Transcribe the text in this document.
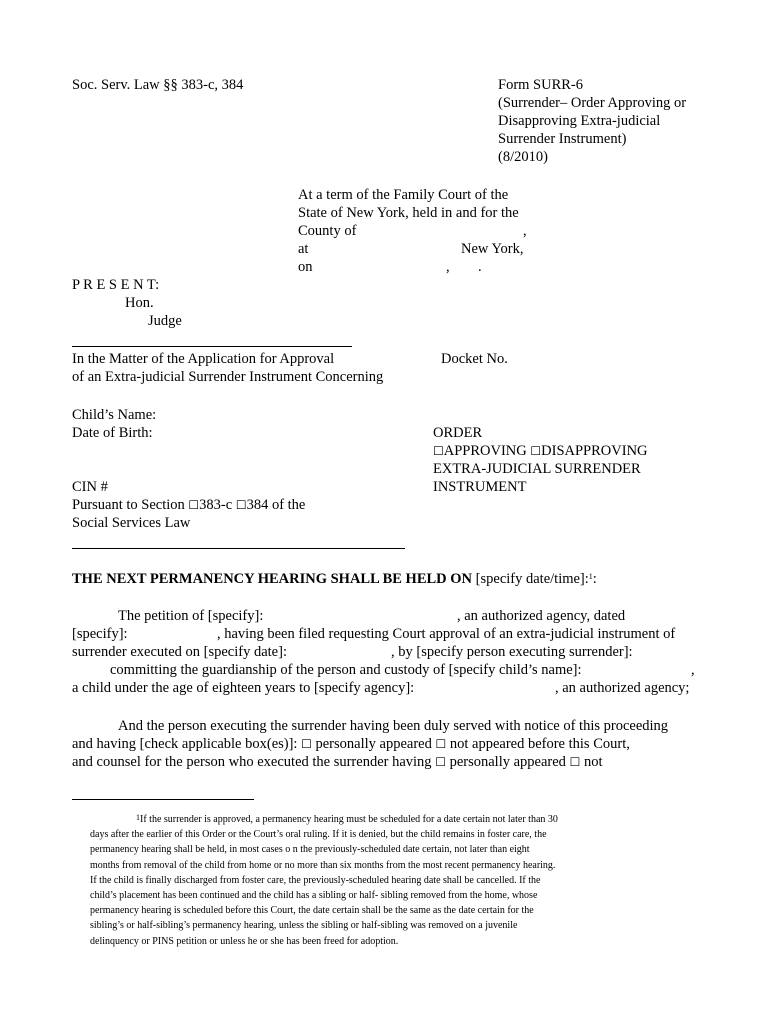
Soc. Serv. Law §§ 383-c, 384	Form SURR-6
(Surrender– Order Approving or
Disapproving Extra-judicial
Surrender Instrument)
(8/2010)
At a term of the Family Court of the
State of New York, held in and for the
County of	,
at	New York,
on	, .
P R E S E N T:
Hon.
Judge
In the Matter of the Application for Approval
of an Extra-judicial Surrender Instrument Concerning
Docket No.
Child’s Name:
Date of Birth:	ORDER
☐APPROVING ☐DISAPPROVING
EXTRA-JUDICIAL SURRENDER
INSTRUMENT
CIN #
Pursuant to Section ☐383-c ☐384 of the
Social Services Law
THE NEXT PERMANENCY HEARING SHALL BE HELD ON [specify date/time]:$^1$:
The petition of [specify]:	, an authorized agency, dated
[specify]:	, having been filed requesting Court approval of an extra-judicial instrument of
surrender executed on [specify date]:	, by [specify person executing surrender]:
committing the guardianship of the person and custody of [specify child’s name]:	,
a child under the age of eighteen years to [specify agency]:	, an authorized agency;
And the person executing the surrender having been duly served with notice of this proceeding
and having [check applicable box(es)]: ☐ personally appeared ☐ not appeared before this Court,
and counsel for the person who executed the surrender having ☐ personally appeared ☐ not
$^1$If the surrender is approved, a permanency hearing must be scheduled for a date certain not later than 30
days after the earlier of this Order or the Court’s oral ruling. If it is denied, but the child remains in foster care, the
permanency hearing shall be held, in most cases o n the previously-scheduled date certain, not later than eight
months from removal of the child from home or no more than six months from the most recent permanency hearing.
If the child is finally discharged from foster care, the previously-scheduled hearing date shall be cancelled. If the
child’s placement has been continued and the child has a sibling or half- sibling removed from the home, whose
permanency hearing is scheduled before this Court, the date certain shall be the same as the date certain for the
sibling’s or half-sibling’s permanency hearing, unless the sibling or half-sibling was removed on a juvenile
delinquency or PINS petition or unless he or she has been freed for adoption.
